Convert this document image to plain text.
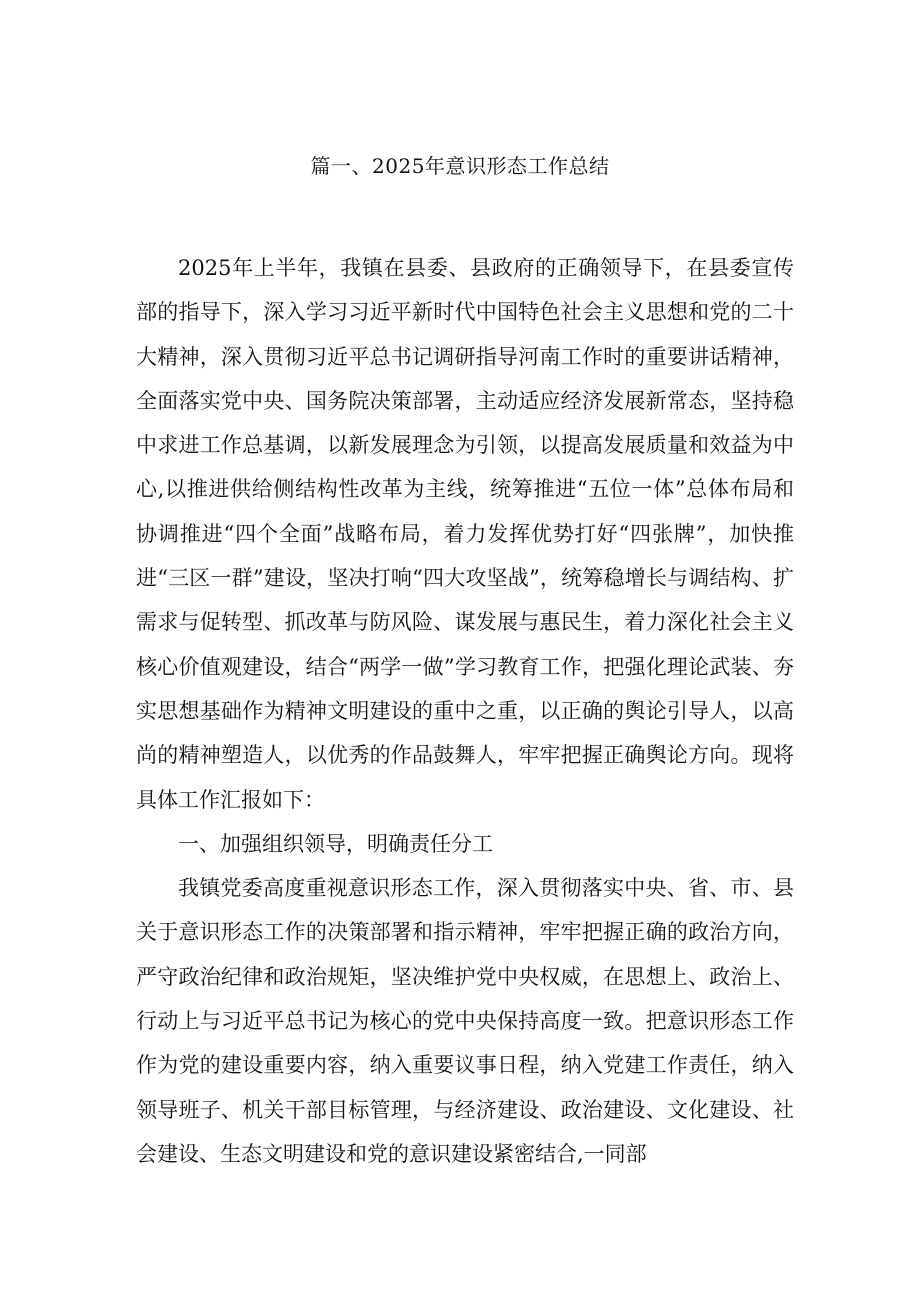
篇一、2025年意识形态工作总结

2025年上半年，我镇在县委、县政府的正确领导下，在县委宣传部的指导下，深入学习习近平新时代中国特色社会主义思想和党的二十大精神，深入贯彻习近平总书记调研指导河南工作时的重要讲话精神，全面落实党中央、国务院决策部署，主动适应经济发展新常态，坚持稳中求进工作总基调，以新发展理念为引领，以提高发展质量和效益为中心,以推进供给侧结构性改革为主线，统筹推进“五位一体”总体布局和协调推进“四个全面”战略布局，着力发挥优势打好“四张牌”，加快推进“三区一群”建设，坚决打响“四大攻坚战”，统筹稳增长与调结构、扩需求与促转型、抓改革与防风险、谋发展与惠民生，着力深化社会主义核心价值观建设，结合“两学一做”学习教育工作，把强化理论武装、夯实思想基础作为精神文明建设的重中之重，以正确的舆论引导人，以高尚的精神塑造人，以优秀的作品鼓舞人，牢牢把握正确舆论方向。现将具体工作汇报如下：

一、加强组织领导，明确责任分工

我镇党委高度重视意识形态工作，深入贯彻落实中央、省、市、县关于意识形态工作的决策部署和指示精神，牢牢把握正确的政治方向，严守政治纪律和政治规矩，坚决维护党中央权威，在思想上、政治上、行动上与习近平总书记为核心的党中央保持高度一致。把意识形态工作作为党的建设重要内容，纳入重要议事日程，纳入党建工作责任，纳入领导班子、机关干部目标管理，与经济建设、政治建设、文化建设、社会建设、生态文明建设和党的意识建设紧密结合,一同部
